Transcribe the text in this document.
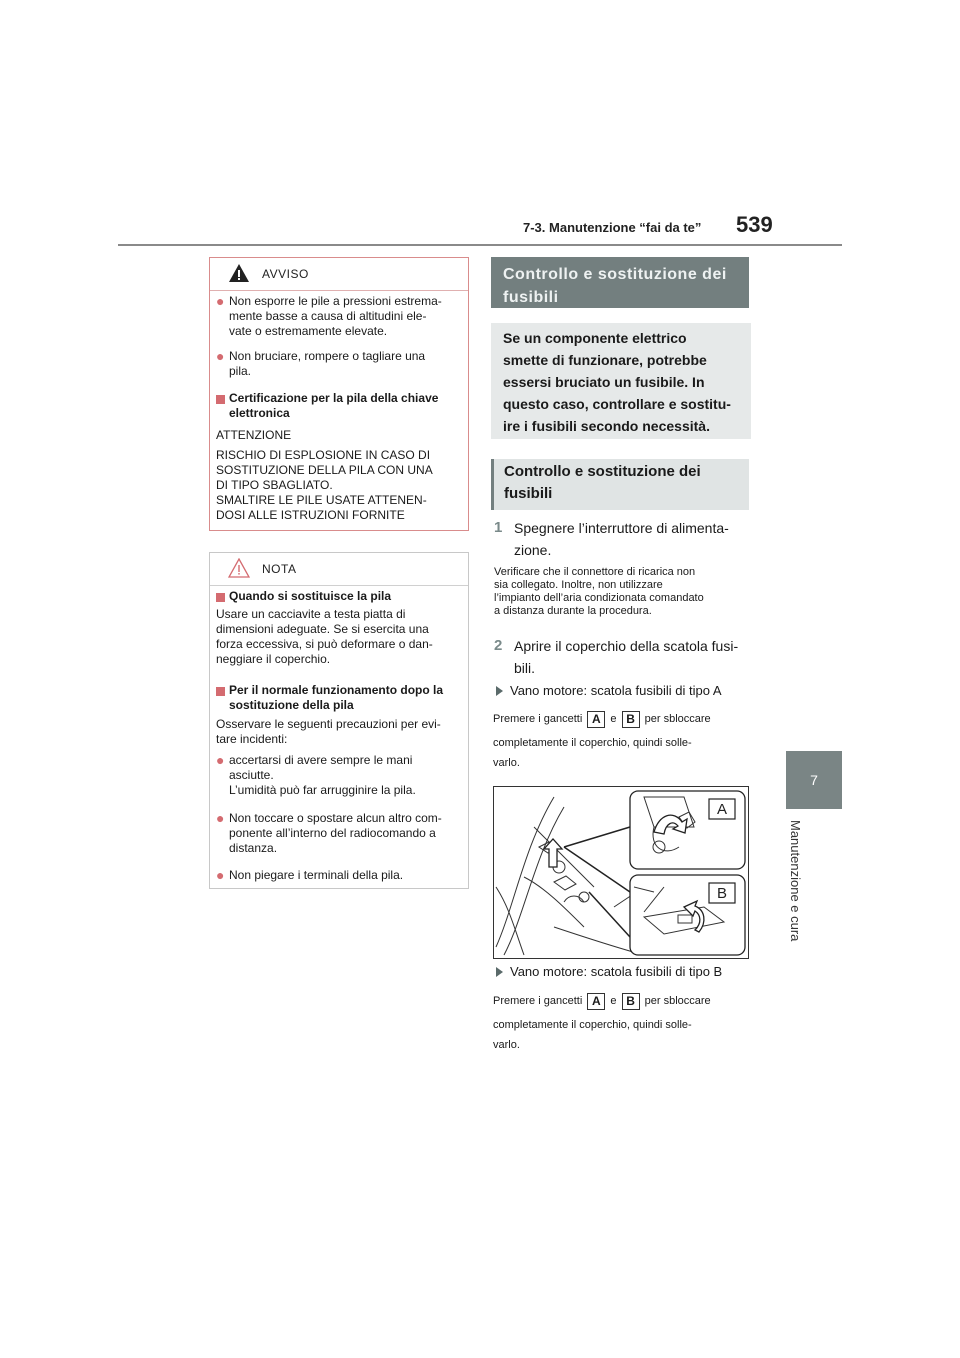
7-3. Manutenzione “fai da te” 539
7
Manutenzione e cura
AVVISO
● Non esporre le pile a pressioni estrema-
mente basse a causa di altitudini ele-
vate o estremamente elevate.
● Non bruciare, rompere o tagliare una
pila.
Certificazione per la pila della chiave
elettronica
ATTENZIONE
RISCHIO DI ESPLOSIONE IN CASO DI
SOSTITUZIONE DELLA PILA CON UNA
DI TIPO SBAGLIATO.
SMALTIRE LE PILE USATE ATTENEN-
DOSI ALLE ISTRUZIONI FORNITE
NOTA
Quando si sostituisce la pila
Usare un cacciavite a testa piatta di
dimensioni adeguate. Se si esercita una
forza eccessiva, si può deformare o dan-
neggiare il coperchio.
Per il normale funzionamento dopo la
sostituzione della pila
Osservare le seguenti precauzioni per evi-
tare incidenti:
● accertarsi di avere sempre le mani
asciutte.
L’umidità può far arrugginire la pila.
● Non toccare o spostare alcun altro com-
ponente all’interno del radiocomando a
distanza.
● Non piegare i terminali della pila.
Controllo e sostituzione dei
fusibili
Se un componente elettrico
smette di funzionare, potrebbe
essersi bruciato un fusibile. In
questo caso, controllare e sostitu-
ire i fusibili secondo necessità.
Controllo e sostituzione dei
fusibili
1 Spegnere l’interruttore di alimenta-
zione.
Verificare che il connettore di ricarica non
sia collegato. Inoltre, non utilizzare
l’impianto dell’aria condizionata comandato
a distanza durante la procedura.
2 Aprire il coperchio della scatola fusi-
bili.
Vano motore: scatola fusibili di tipo A
Premere i gancetti A e B per sbloccare
completamente il coperchio, quindi solle-
varlo.
A
B
Vano motore: scatola fusibili di tipo B
Premere i gancetti A e B per sbloccare
completamente il coperchio, quindi solle-
varlo.
